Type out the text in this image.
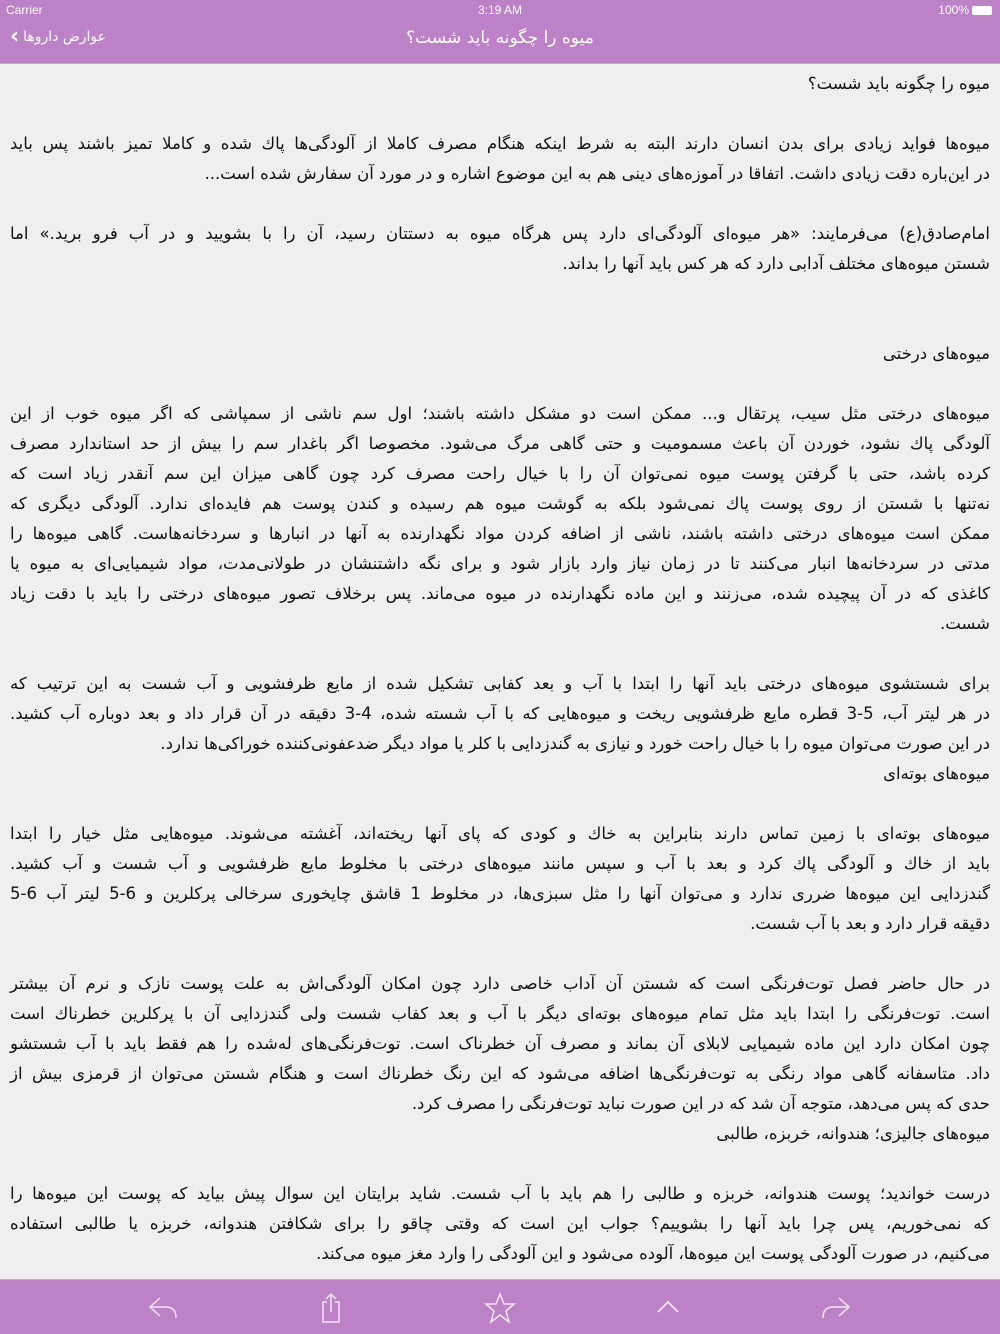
Carrier	3:19 AM	100%
‹ عوارض داروها	میوه را چگونه باید شست؟
میوه را چگونه باید شست؟
میوه‌ها فواید زیادی برای بدن انسان دارند البته به شرط اینکه هنگام مصرف کاملا از آلودگی‌ها پاك شده و کاملا تمیز باشند پس باید
در این‌باره دقت زیادی داشت. اتفاقا در آموزه‌های دینی هم به این موضوع اشاره و در مورد آن سفارش شده است...
امام‌صادق(ع) می‌فرمایند: «هر میوه‌ای آلودگی‌ای دارد پس هرگاه میوه به دستتان رسید، آن را با بشویید و در آب فرو برید.» اما
شستن میوه‌های مختلف آدابی دارد که هر کس باید آنها را بداند.
میوه‌های درختی
میوه‌های درختی مثل سیب، پرتقال و... ممکن است دو مشکل داشته باشند؛ اول سم ناشی از سمپاشی که اگر میوه خوب از این
آلودگی پاك نشود، خوردن آن باعث مسمومیت و حتی گاهی مرگ می‌شود. مخصوصا اگر باغدار سم را بیش از حد استاندارد مصرف
کرده باشد، حتی با گرفتن پوست میوه نمی‌توان آن را با خیال راحت مصرف کرد چون گاهی میزان این سم آنقدر زیاد است که
نه‌تنها با شستن از روی پوست پاك نمی‌شود بلکه به گوشت میوه هم رسیده و کندن پوست هم فایده‌ای ندارد. آلودگی دیگری که
ممکن است میوه‌های درختی داشته باشند، ناشی از اضافه کردن مواد نگهدارنده به آنها در انبارها و سردخانه‌هاست. گاهی میوه‌ها را
مدتی در سردخانه‌ها انبار می‌کنند تا در زمان نیاز وارد بازار شود و برای نگه داشتنشان در طولانی‌مدت، مواد شیمیایی‌ای به میوه یا
کاغذی که در آن پیچیده شده، می‌زنند و این ماده نگهدارنده در میوه می‌ماند. پس برخلاف تصور میوه‌های درختی را باید با دقت زیاد
شست.
برای شستشوی میوه‌های درختی باید آنها را ابتدا با آب و بعد کفابی تشکیل شده از مایع ظرفشویی و آب شست به این ترتیب که
در هر لیتر آب، 5-3 قطره مایع ظرفشویی ریخت و میوه‌هایی که با آب شسته شده، 4-3 دقیقه در آن قرار داد و بعد دوباره آب کشید.
در این صورت می‌توان میوه را با خیال راحت خورد و نیازی به گندزدایی با کلر یا مواد دیگر ضدعفونی‌کننده خوراکی‌ها ندارد.
میوه‌های بوته‌ای
میوه‌های بوته‌ای با زمین تماس دارند بنابراین به خاك و کودی که پای آنها ریخته‌اند، آغشته می‌شوند. میوه‌هایی مثل خیار را ابتدا
باید از خاك و آلودگی پاك کرد و بعد با آب و سپس مانند میوه‌های درختی با مخلوط مایع ظرفشویی و آب شست و آب کشید.
گندزدایی این میوه‌ها ضرری ندارد و می‌توان آنها را مثل سبزی‌ها، در مخلوط 1 قاشق چایخوری سرخالی پرکلرین و 6-5 لیتر آب 6-5
دقیقه قرار دارد و بعد با آب شست.
در حال حاضر فصل توت‌فرنگی است که شستن آن آداب خاصی دارد چون امکان آلودگی‌اش به علت پوست نازک و نرم آن بیشتر
است. توت‌فرنگی را ابتدا باید مثل تمام میوه‌های بوته‌ای دیگر با آب و بعد کفاب شست ولی گندزدایی آن با پرکلرین خطرناك است
چون امکان دارد این ماده شیمیایی لابلای آن بماند و مصرف آن خطرناک است. توت‌فرنگی‌های له‌شده را هم فقط باید با آب شستشو
داد. متاسفانه گاهی مواد رنگی به توت‌فرنگی‌ها اضافه می‌شود که این رنگ خطرناك است و هنگام شستن می‌توان از قرمزی بیش از
حدی که پس می‌دهد، متوجه آن شد که در این صورت نباید توت‌فرنگی را مصرف کرد.
میوه‌های جالیزی؛ هندوانه، خربزه، طالبی
درست خواندید؛ پوست هندوانه، خربزه و طالبی را هم باید با آب شست. شاید برایتان این سوال پیش بیاید که پوست این میوه‌ها را
که نمی‌خوریم، پس چرا باید آنها را بشوییم؟ جواب این است که وقتی چاقو را برای شکافتن هندوانه، خربزه یا طالبی استفاده
می‌کنیم، در صورت آلودگی پوست این میوه‌ها، آلوده می‌شود و این آلودگی را وارد مغز میوه می‌کند.
